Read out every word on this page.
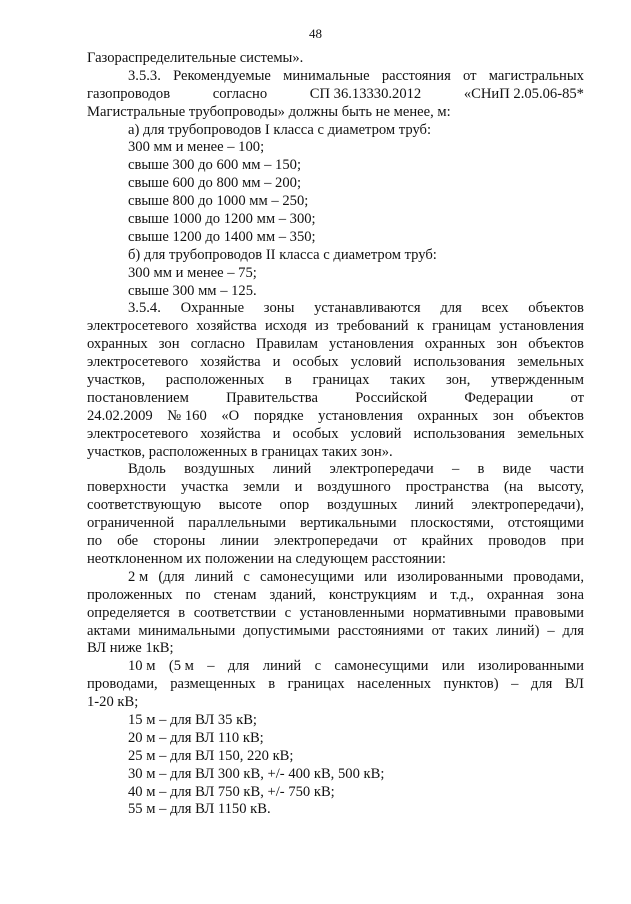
48
Газораспределительные системы».
3.5.3. Рекомендуемые минимальные расстояния от магистральных
газопроводов	согласно	СП 36.13330.2012	«СНиП 2.05.06-85*
Магистральные трубопроводы» должны быть не менее, м:
а) для трубопроводов I класса с диаметром труб:
300 мм и менее – 100;
свыше 300 до 600 мм – 150;
свыше 600 до 800 мм – 200;
свыше 800 до 1000 мм – 250;
свыше 1000 до 1200 мм – 300;
свыше 1200 до 1400 мм – 350;
б) для трубопроводов II класса с диаметром труб:
300 мм и менее – 75;
свыше 300 мм – 125.
3.5.4. Охранные зоны устанавливаются для всех объектов
электросетевого хозяйства исходя из требований к границам установления
охранных зон согласно Правилам установления охранных зон объектов
электросетевого хозяйства и особых условий использования земельных
участков, расположенных в границах таких зон, утвержденным
постановлением	Правительства	Российской	Федерации	от
24.02.2009 № 160 «О порядке установления охранных зон объектов
электросетевого хозяйства и особых условий использования земельных
участков, расположенных в границах таких зон».
Вдоль воздушных линий электропередачи – в виде части
поверхности участка земли и воздушного пространства (на высоту,
соответствующую высоте опор воздушных линий электропередачи),
ограниченной параллельными вертикальными плоскостями, отстоящими
по обе стороны линии электропередачи от крайних проводов при
неотклоненном их положении на следующем расстоянии:
2 м (для линий с самонесущими или изолированными проводами,
проложенных по стенам зданий, конструкциям и т.д., охранная зона
определяется в соответствии с установленными нормативными правовыми
актами минимальными допустимыми расстояниями от таких линий) – для
ВЛ ниже 1кВ;
10 м (5 м – для линий с самонесущими или изолированными
проводами, размещенных в границах населенных пунктов) – для ВЛ
1-20 кВ;
15 м – для ВЛ 35 кВ;
20 м – для ВЛ 110 кВ;
25 м – для ВЛ 150, 220 кВ;
30 м – для ВЛ 300 кВ, +/- 400 кВ, 500 кВ;
40 м – для ВЛ 750 кВ, +/- 750 кВ;
55 м – для ВЛ 1150 кВ.
